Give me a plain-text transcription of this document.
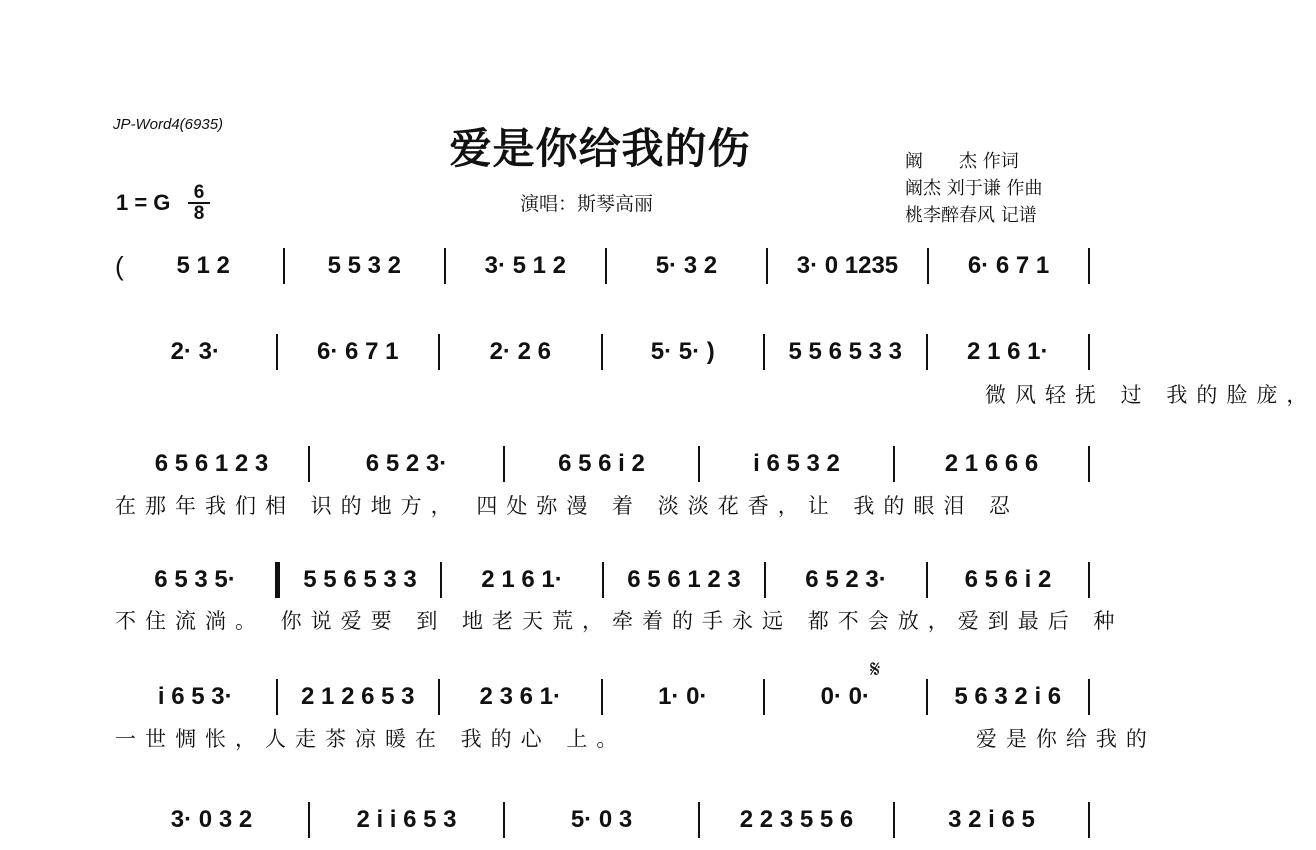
JP-Word4(6935)	爱是你给我的伤
演唱：斯琴高丽
阚　　杰 作词
阚杰 刘于谦 作曲
桃李醉春风 记谱
1 = G	6
8
( 5 1 2	5 5 3 2	3· 5 1 2	5· 3 2	3· 0 1235	6· 6 7 1
2· 3·	6· 6 7 1	2· 2 6	5· 5· )	5 5 6 5 3 3	2 1 6 1·
　　　　　　　　　　　　　　　　　　　　　　　　　　　　　微风轻抚 过 我的脸庞，
6 5 6 1 2 3	6 5 2 3·	6 5 6 i 2	i 6 5 3 2	2 1 6 6 6
在那年我们相 识的地方， 四处弥漫 着 淡淡花香，让 我的眼泪 忍
6 5 3 5·	5 5 6 5 3 3	2 1 6 1·	6 5 6 1 2 3	6 5 2 3·	6 5 6 i 2
不住流淌。 你说爱要 到 地老天荒，牵着的手永远 都不会放，爱到最后 种
𝄋
i 6 5 3·	2 1 2 6 5 3	2 3 6 1·	1· 0·	0· 0·	5 6 3 2 i 6
一世惆怅，人走茶凉暖在 我的心 上。　　　　　　　　　　　　爱是你给我的
3· 0 3 2	2 i i 6 5 3	5· 0 3	2 2 3 5 5 6	3 2 i 6 5
